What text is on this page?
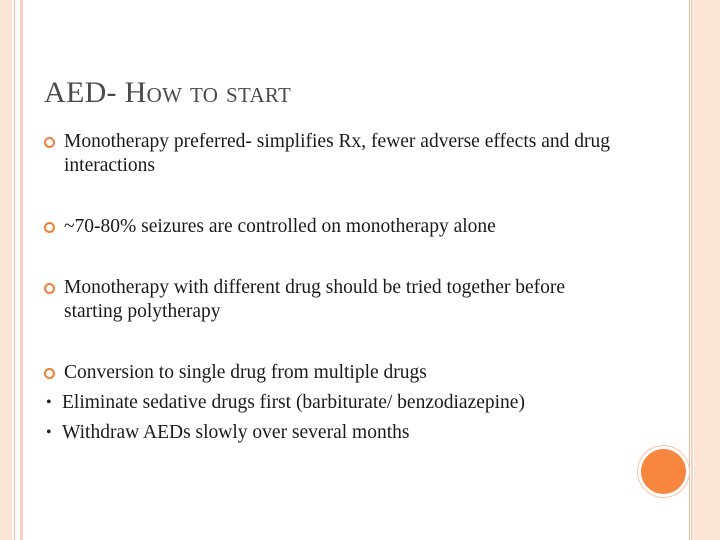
AED- How to start
Monotherapy preferred- simplifies Rx, fewer adverse effects and drug interactions
~70-80% seizures are controlled on monotherapy alone
Monotherapy with different drug should be tried together before starting polytherapy
Conversion to single drug from multiple drugs
• Eliminate sedative drugs first (barbiturate/ benzodiazepine)
• Withdraw AEDs slowly over several months
